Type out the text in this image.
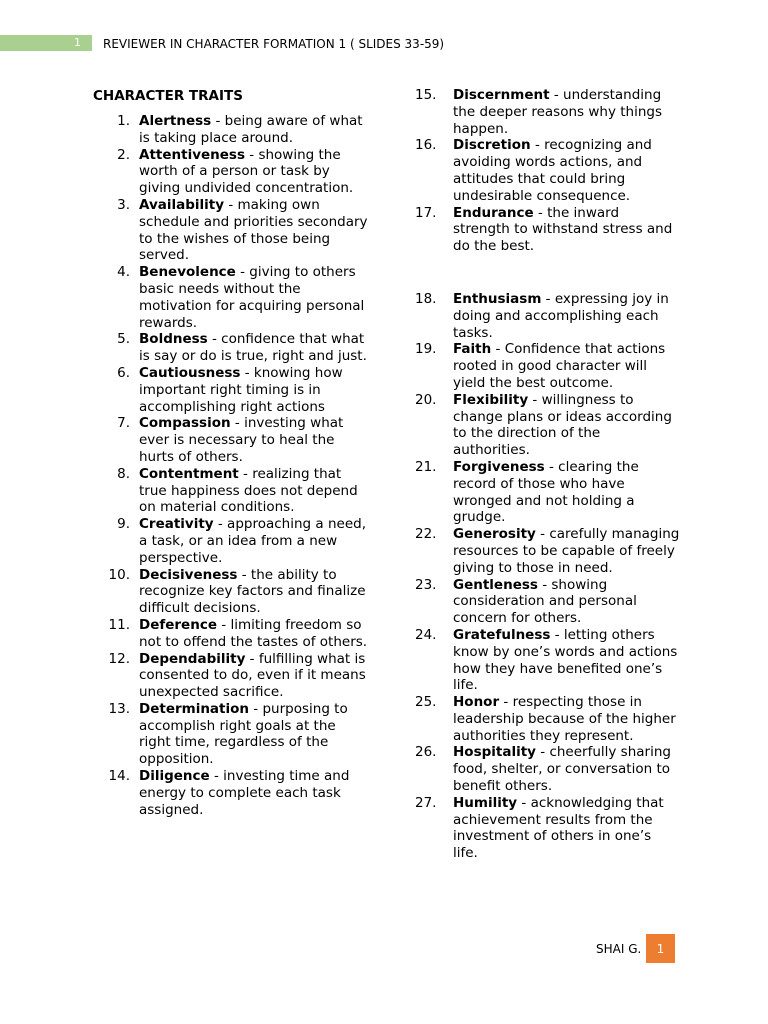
1 REVIEWER IN CHARACTER FORMATION 1 ( SLIDES 33-59)
CHARACTER TRAITS
1. Alertness - being aware of what is taking place around.
2. Attentiveness - showing the worth of a person or task by giving undivided concentration.
3. Availability - making own schedule and priorities secondary to the wishes of those being served.
4. Benevolence - giving to others basic needs without the motivation for acquiring personal rewards.
5. Boldness - confidence that what is say or do is true, right and just.
6. Cautiousness - knowing how important right timing is in accomplishing right actions
7. Compassion - investing what ever is necessary to heal the hurts of others.
8. Contentment - realizing that true happiness does not depend on material conditions.
9. Creativity - approaching a need, a task, or an idea from a new perspective.
10. Decisiveness - the ability to recognize key factors and finalize difficult decisions.
11. Deference - limiting freedom so not to offend the tastes of others.
12. Dependability - fulfilling what is consented to do, even if it means unexpected sacrifice.
13. Determination - purposing to accomplish right goals at the right time, regardless of the opposition.
14. Diligence - investing time and energy to complete each task assigned.
15.	Discernment - understanding the deeper reasons why things happen.
16.	Discretion - recognizing and avoiding words actions, and attitudes that could bring undesirable consequence.
17.	Endurance - the inward strength to withstand stress and do the best.
18.	Enthusiasm - expressing joy in doing and accomplishing each tasks.
19.	Faith - Confidence that actions rooted in good character will yield the best outcome.
20.	Flexibility - willingness to change plans or ideas according to the direction of the authorities.
21.	Forgiveness - clearing the record of those who have wronged and not holding a grudge.
22.	Generosity - carefully managing resources to be capable of freely giving to those in need.
23.	Gentleness - showing consideration and personal concern for others.
24.	Gratefulness - letting others know by one’s words and actions how they have benefited one’s life.
25.	Honor - respecting those in leadership because of the higher authorities they represent.
26.	Hospitality - cheerfully sharing food, shelter, or conversation to benefit others.
27.	Humility - acknowledging that achievement results from the investment of others in one’s life.
SHAI G.	1
